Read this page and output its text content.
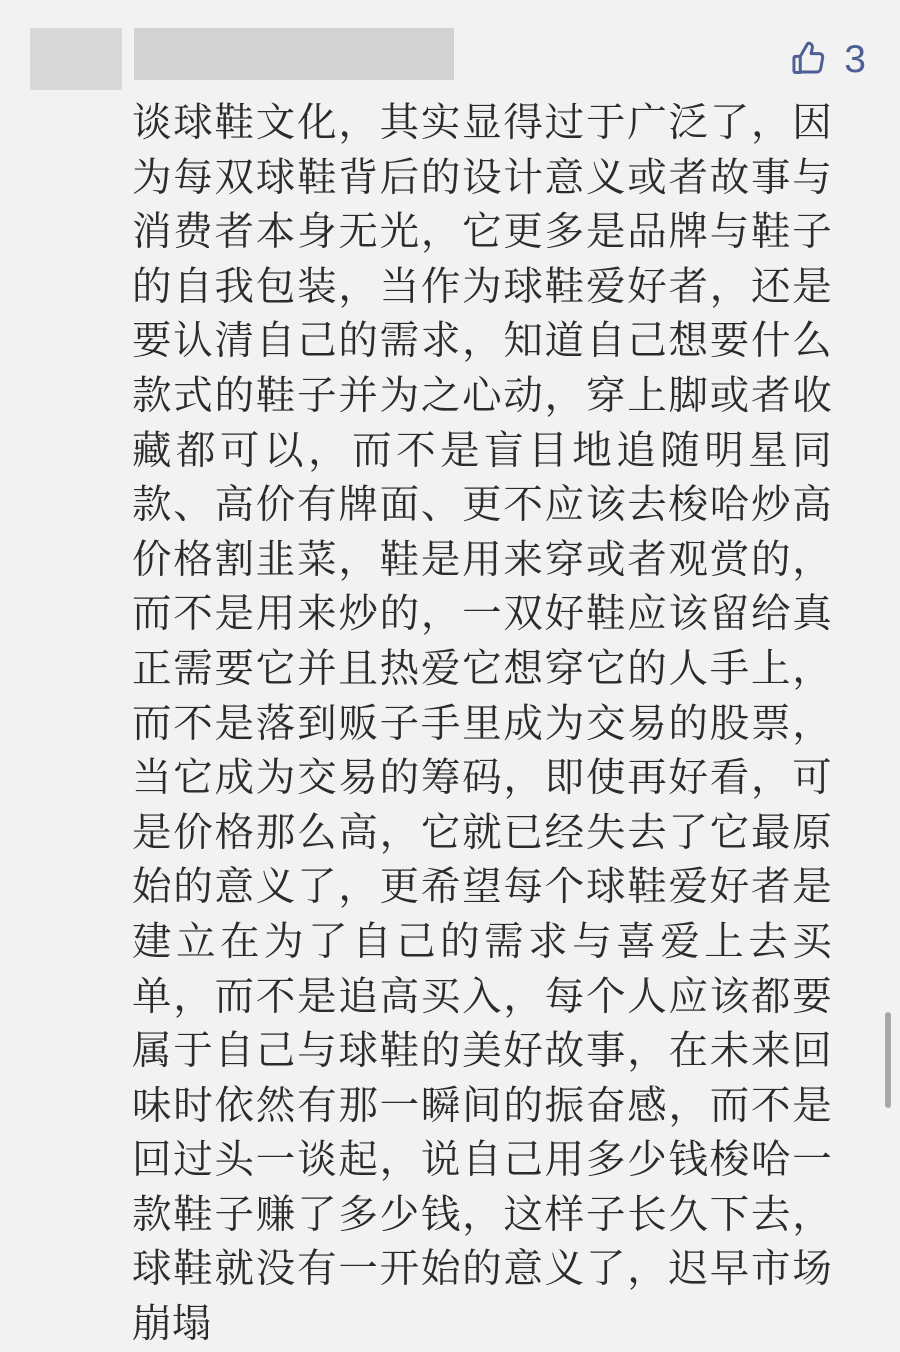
3
谈球鞋文化，其实显得过于广泛了，因为每双球鞋背后的设计意义或者故事与消费者本身无光，它更多是品牌与鞋子的自我包装，当作为球鞋爱好者，还是要认清自己的需求，知道自己想要什么款式的鞋子并为之心动，穿上脚或者收藏都可以，而不是盲目地追随明星同款、高价有牌面、更不应该去梭哈炒高价格割韭菜，鞋是用来穿或者观赏的，而不是用来炒的，一双好鞋应该留给真正需要它并且热爱它想穿它的人手上，而不是落到贩子手里成为交易的股票，当它成为交易的筹码，即使再好看，可是价格那么高，它就已经失去了它最原始的意义了，更希望每个球鞋爱好者是建立在为了自己的需求与喜爱上去买单，而不是追高买入，每个人应该都要属于自己与球鞋的美好故事，在未来回味时依然有那一瞬间的振奋感，而不是回过头一谈起，说自己用多少钱梭哈一款鞋子赚了多少钱，这样子长久下去，球鞋就没有一开始的意义了，迟早市场崩塌
